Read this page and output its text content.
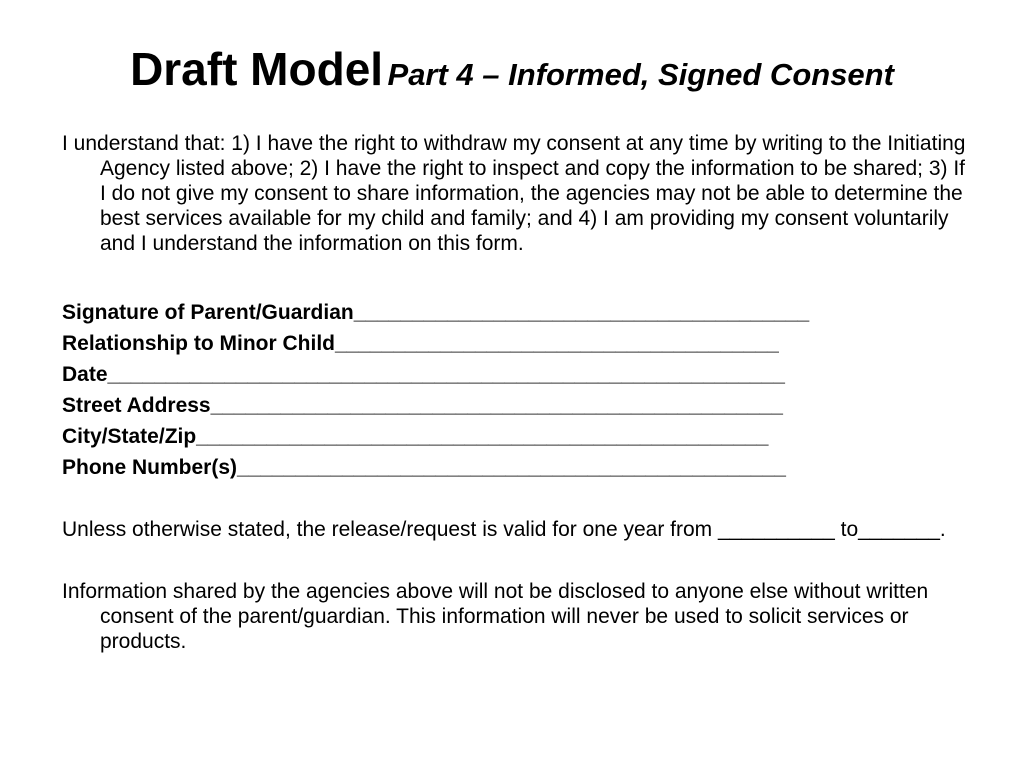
Draft Model Part 4 – Informed, Signed Consent

I understand that: 1) I have the right to withdraw my consent at any time by writing to the Initiating Agency listed above; 2) I have the right to inspect and copy the information to be shared; 3) If I do not give my consent to share information, the agencies may not be able to determine the best services available for my child and family; and 4) I am providing my consent voluntarily and I understand the information on this form.

Signature of Parent/Guardian_______________________________________

Relationship to Minor Child______________________________________

Date__________________________________________________________

Street Address_________________________________________________

City/State/Zip_________________________________________________

Phone Number(s)_______________________________________________

Unless otherwise stated, the release/request is valid for one year from __________ to_______.

Information shared by the agencies above will not be disclosed to anyone else without written consent of the parent/guardian. This information will never be used to solicit services or products.
